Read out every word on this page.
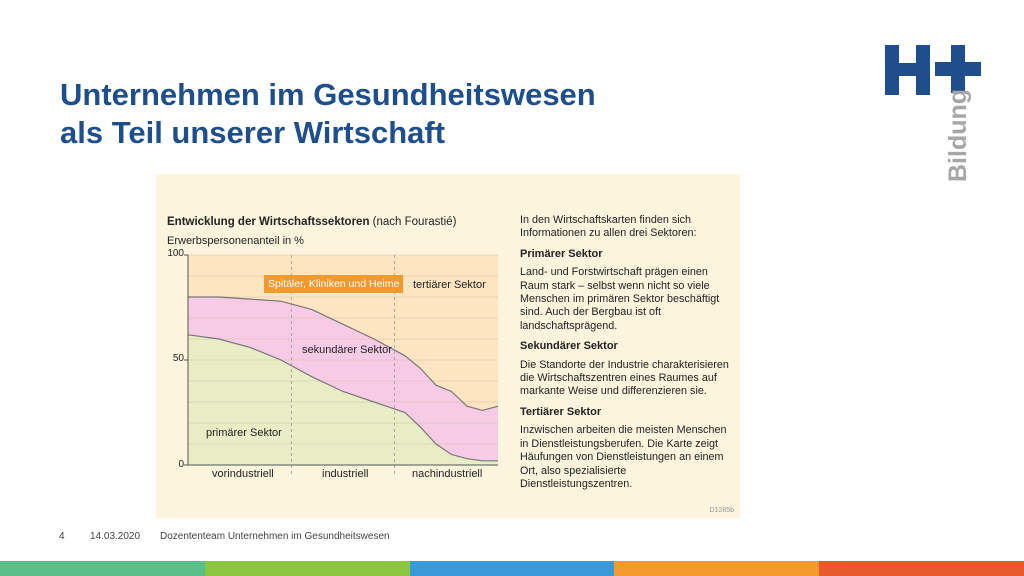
Unternehmen im Gesundheitswesen
als Teil unserer Wirtschaft	Bildung
Entwicklung der Wirtschaftssektoren (nach Fourastié)
Erwerbspersonenanteil in %
100
50
0
vorindustriell	industriell	nachindustriell
primärer Sektor
sekundärer Sektor
tertiärer Sektor
Spitäler, Kliniken und Heime

In den Wirtschaftskarten finden sich Informationen zu allen drei Sektoren:

Primärer Sektor

Land- und Forstwirtschaft prägen einen Raum stark – selbst wenn nicht so viele Menschen im primären Sektor beschäftigt sind. Auch der Bergbau ist oft landschaftsprägend.

Sekundärer Sektor

Die Standorte der Industrie charakterisieren die Wirtschaftszentren eines Raumes auf markante Weise und differenzieren sie.

Tertiärer Sektor

Inzwischen arbeiten die meisten Menschen in Dienstleistungsberufen. Die Karte zeigt Häufungen von Dienstleistungen an einem Ort, also spezialisierte Dienstleistungszentren.

D1285b
4	14.03.2020 Dozententeam Unternehmen im Gesundheitswesen
